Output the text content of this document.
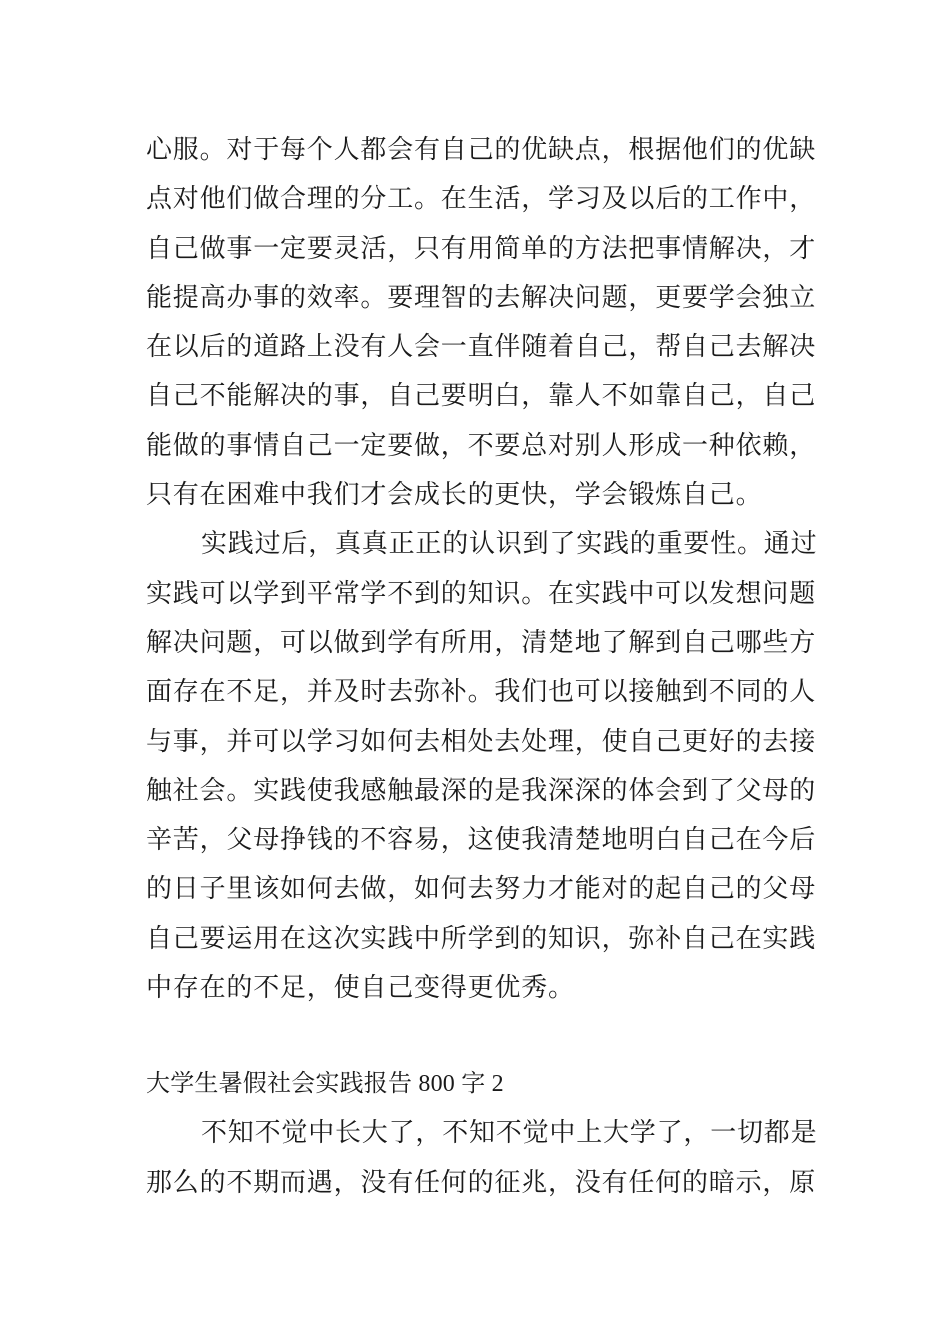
心服。对于每个人都会有自己的优缺点，根据他们的优缺
点对他们做合理的分工。在生活，学习及以后的工作中，
自己做事一定要灵活，只有用简单的方法把事情解决，才
能提高办事的效率。要理智的去解决问题，更要学会独立
在以后的道路上没有人会一直伴随着自己，帮自己去解决
自己不能解决的事，自己要明白，靠人不如靠自己，自己
能做的事情自己一定要做，不要总对别人形成一种依赖，
只有在困难中我们才会成长的更快，学会锻炼自己。
实践过后，真真正正的认识到了实践的重要性。通过
实践可以学到平常学不到的知识。在实践中可以发想问题
解决问题，可以做到学有所用，清楚地了解到自己哪些方
面存在不足，并及时去弥补。我们也可以接触到不同的人
与事，并可以学习如何去相处去处理，使自己更好的去接
触社会。实践使我感触最深的是我深深的体会到了父母的
辛苦，父母挣钱的不容易，这使我清楚地明白自己在今后
的日子里该如何去做，如何去努力才能对的起自己的父母
自己要运用在这次实践中所学到的知识，弥补自己在实践
中存在的不足，使自己变得更优秀。
大学生暑假社会实践报告 800 字 2
不知不觉中长大了，不知不觉中上大学了，一切都是
那么的不期而遇，没有任何的征兆，没有任何的暗示，原
